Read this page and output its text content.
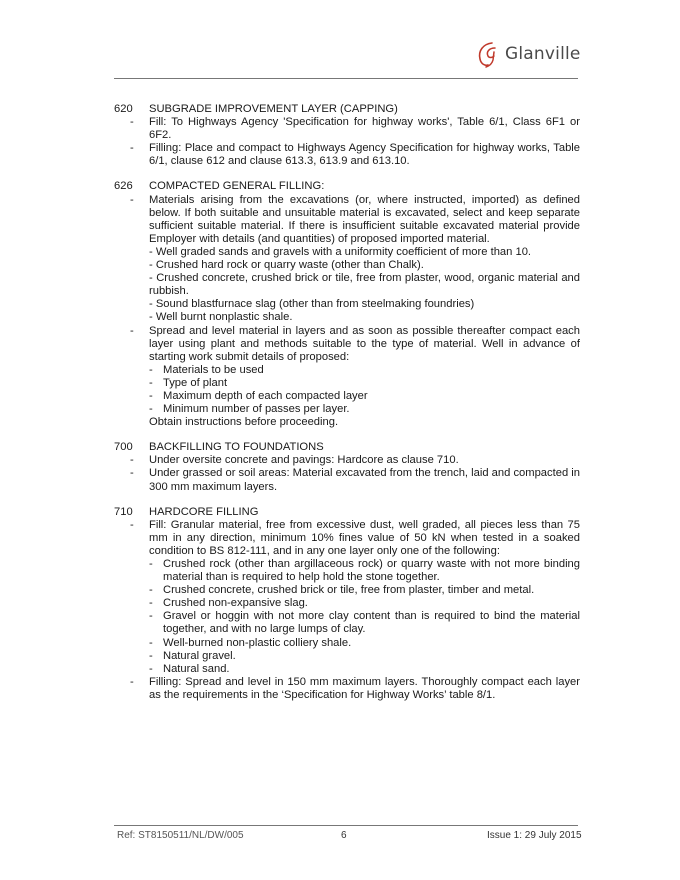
Glanville
620 SUBGRADE IMPROVEMENT LAYER (CAPPING)
- Fill: To Highways Agency 'Specification for highway works', Table 6/1, Class 6F1 or 6F2.

- Filling: Place and compact to Highways Agency Specification for highway works, Table 6/1, clause 612 and clause 613.3, 613.9 and 613.10.

626 COMPACTED GENERAL FILLING:
- Materials arising from the excavations (or, where instructed, imported) as defined below. If both suitable and unsuitable material is excavated, select and keep separate sufficient suitable material. If there is insufficient suitable excavated material provide Employer with details (and quantities) of proposed imported material.

- Well graded sands and gravels with a uniformity coefficient of more than 10.

- Crushed hard rock or quarry waste (other than Chalk).

- Crushed concrete, crushed brick or tile, free from plaster, wood, organic material and rubbish.

- Sound blastfurnace slag (other than from steelmaking foundries)

- Well burnt nonplastic shale.

- Spread and level material in layers and as soon as possible thereafter compact each layer using plant and methods suitable to the type of material. Well in advance of starting work submit details of proposed:

- Materials to be used
- Type of plant
- Maximum depth of each compacted layer
- Minimum number of passes per layer.
Obtain instructions before proceeding.
700 BACKFILLING TO FOUNDATIONS
- Under oversite concrete and pavings: Hardcore as clause 710.

- Under grassed or soil areas: Material excavated from the trench, laid and compacted in 300 mm maximum layers.

710 HARDCORE FILLING
- Fill: Granular material, free from excessive dust, well graded, all pieces less than 75 mm in any direction, minimum 10% fines value of 50 kN when tested in a soaked condition to BS 812-111, and in any one layer only one of the following:

- Crushed rock (other than argillaceous rock) or quarry waste with not more binding material than is required to help hold the stone together.
- Crushed concrete, crushed brick or tile, free from plaster, timber and metal.
- Crushed non-expansive slag.
- Gravel or hoggin with not more clay content than is required to bind the material together, and with no large lumps of clay.
- Well-burned non-plastic colliery shale.
- Natural gravel.
- Natural sand.
- Filling: Spread and level in 150 mm maximum layers. Thoroughly compact each layer as the requirements in the ‘Specification for Highway Works’ table 8/1.

Ref: ST8150511/NL/DW/005	6	Issue 1: 29 July 2015
